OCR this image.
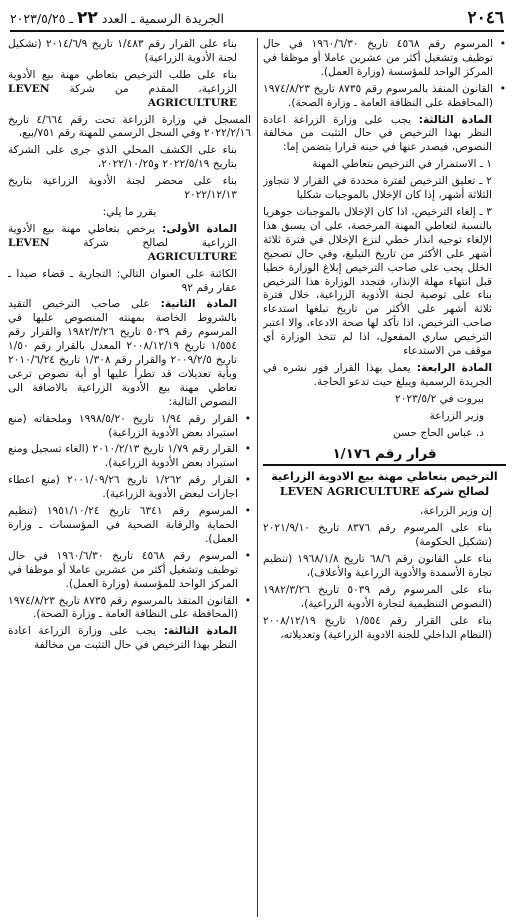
٢٠٤٦
الجريدة الرسمية ـ العدد ٢٢ ـ ٢٠٢٣/٥/٢٥

• المرسوم رقم ٤٥٦٨ تاريخ ١٩٦٠/٦/٣٠ في حال توظيف وتشغيل أكثر من عشرين عاملا أو موظفا في المركز الواحد للمؤسسة (وزارة العمل).

• القانون المنفذ بالمرسوم رقم ٨٧٣٥ تاريخ ١٩٧٤/٨/٢٣ (المحافظة على النظافة العامة ـ وزارة الصحة).

المادة الثالثة: يجب على وزارة الزراعة اعادة النظر بهذا الترخيص في حال التثبت من مخالفة النصوص، فيصدر عنها في حينه قرارا يتضمن إما:

١ ـ الاستمرار في الترخيص بتعاطي المهنة

٢ ـ تعليق الترخيص لفترة محددة في القرار لا تتجاوز الثلاثة أشهر، إذا كان الإخلال بالموجبات شكليا

٣ ـ إلغاء الترخيص، اذا كان الإخلال بالموجبات جوهريا بالنسبة لتعاطي المهنة المرخصة، على ان يسبق هذا الإلغاء توجيه انذار خطي لنزع الإخلال في فترة ثلاثة أشهر على الأكثر من تاريخ التبليغ، وفي حال تصحيح الخلل يجب على صاحب الترخيص إبلاغ الوزارة خطيا قبل انتهاء مهلة الإنذار، فتجدد الوزارة هذا الترخيص بناء على توصية لجنة الأدوية الزراعية، خلال فترة ثلاثة أشهر على الأكثر من تاريخ تبلغها استدعاء صاحب الترخيص، اذا تأكد لها صحة الادعاء، والا اعتبر الترخيص ساري المفعول، اذا لم تتخذ الوزارة أي موقف من الاستدعاء

المادة الرابعة: يعمل بهذا القرار فور نشره في الجريدة الرسمية ويبلغ حيث تدعو الحاجة.

بيروت في ٢٠٢٣/٥/٢

وزير الزراعة

د. عباس الحاج حسن

قرار رقم ١/١٧٦
الترخيص بتعاطي مهنة بيع الادوية الزراعية
لصالح شركة LEVEN AGRICULTURE

إن وزير الزراعة،

بناء على المرسوم رقم ٨٣٧٦ تاريخ ٢٠٢١/٩/١٠ (تشكيل الحكومة)

بناء على القانون رقم ٦٨/٦ تاريخ ١٩٦٨/١/٨ (تنظيم تجارة الأسمدة والأدوية الزراعية والأعلاف)،

بناء على المرسوم رقم ٥٠٣٩ تاريخ ١٩٨٢/٣/٢٦ (النصوص التنظيمية لتجارة الأدوية الزراعية)،

بناء على القرار رقم ١/٥٥٤ تاريخ ٢٠٠٨/١٢/١٩ (النظام الداخلي للجنة الادوية الزراعية) وتعديلاته،

بناء على القرار رقم ١/٤٨٣ تاريخ ٢٠١٤/٦/٩ (تشكيل لجنة الأدوية الزراعية)

بناء على طلب الترخيص بتعاطي مهنة بيع الأدوية الزراعية، المقدم من شركة LEVEN AGRICULTURE

المسجل في وزارة الزراعة تحت رقم ٤/٦٦٤ تاريخ ٢٠٢٢/٢/١٦ وفي السجل الرسمي للمهنة رقم ٧٥١/بيع،

بناء على الكشف المحلي الذي جرى على الشركة بتاريخ ٢٠٢٢/٥/١٩ و٢٠٢٢/١٠/٢٥،

بناء على محضر لجنة الأدوية الزراعية بتاريخ ٢٠٢٢/١٢/١٣

يقرر ما يلي:

المادة الأولى: يرخص بتعاطي مهنة بيع الأدوية الزراعية لصالح شركة LEVEN AGRICULTURE

الكائنة على العنوان التالي: التجارية ـ قضاء صيدا ـ عقار رقم ٩٢

المادة الثانية: على صاحب الترخيص التقيد بالشروط الخاصة بمهنته المنصوص عليها في المرسوم رقم ٥٠٣٩ تاريخ ١٩٨٢/٣/٢٦ والقرار رقم ١/٥٥٤ تاريخ ٢٠٠٨/١٢/١٩ المعدل بالقرار رقم ١/٥٠ تاريخ ٢٠٠٩/٢/٥ والقرار رقم ١/٣٠٨ تاريخ ٢٠١٠/٦/٢٤ وبأية تعديلات قد تطرأ عليها أو أية نصوص ترعى تعاطي مهنة بيع الأدوية الزراعية بالاضافة الى النصوص التالية:

• القرار رقم ١/٩٤ تاريخ ١٩٩٨/٥/٢٠ وملحقاته (منع استيراد بعض الأدوية الزراعية)

• القرار رقم ١/٧٩ تاريخ ٢٠١٠/٢/١٣ (الغاء تسجيل ومنع استيراد بعض الأدوية الزراعية).

• القرار رقم ١/٢٦٢ تاريخ ٢٠٠١/٠٩/٢٦ (منع اعطاء اجازات لبعض الأدوية الزراعية).

• المرسوم رقم ٦٣٤١ تاريخ ١٩٥١/١٠/٢٤ (تنظيم الحماية والرقابة الصحية في المؤسسات ـ وزارة العمل).

• المرسوم رقم ٤٥٦٨ تاريخ ١٩٦٠/٦/٣٠ في حال توظيف وتشغيل أكثر من عشرين عاملا أو موظفا في المركز الواحد للمؤسسة (وزارة العمل).

• القانون المنفذ بالمرسوم رقم ٨٧٣٥ تاريخ ١٩٧٤/٨/٢٣ (المحافظة على النظافة العامة ـ وزارة الصحة).

المادة الثالثة: يجب على وزارة الزراعة اعادة النظر بهذا الترخيص في حال التثبت من مخالفة
